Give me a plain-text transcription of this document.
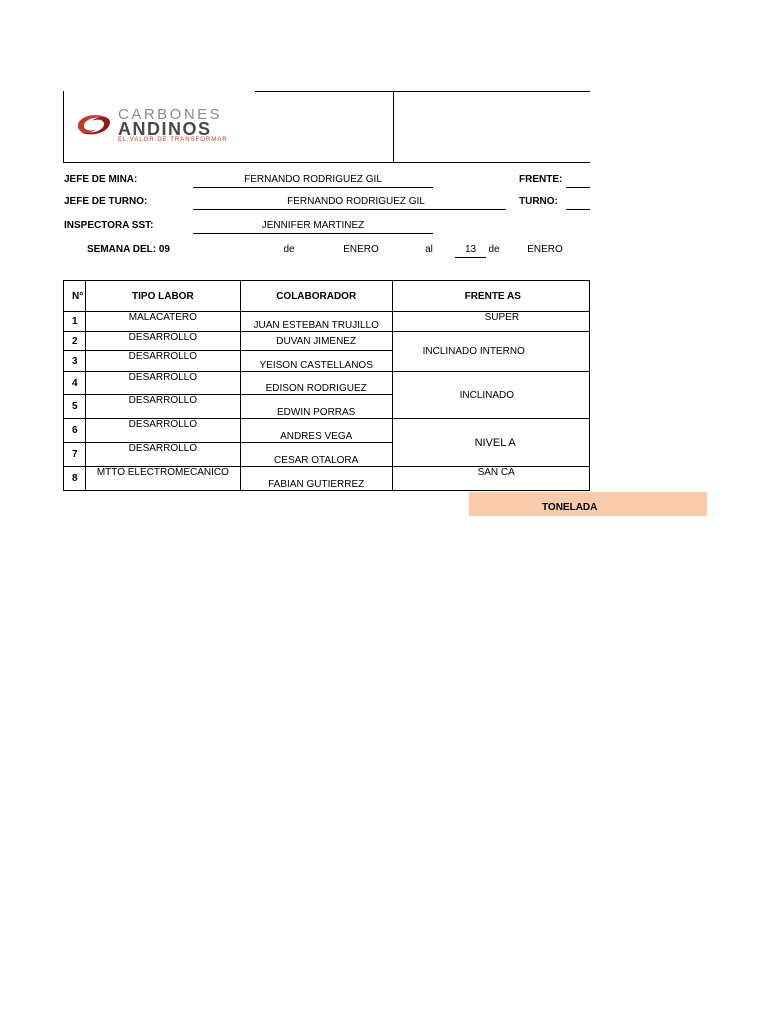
CARBONES
ANDINOS
EL VALOR DE TRANSFORMAR
JEFE DE MINA:	FERNANDO RODRIGUEZ GIL	FRENTE:
JEFE DE TURNO:	FERNANDO RODRIGUEZ GIL	TURNO:
INSPECTORA SST:	JENNIFER MARTINEZ
SEMANA DEL: 09	de	ENERO	al	13	de	ENERO
N°	TIPO LABOR	COLABORADOR	FRENTE AS
1	MALACATERO	JUAN ESTEBAN TRUJILLO	SUPER
2	DESARROLLO	DUVAN JIMENEZ	INCLINADO INTERNO
3	DESARROLLO	YEISON CASTELLANOS	
4	DESARROLLO	EDISON RODRIGUEZ	INCLINADO
5	DESARROLLO	EDWIN PORRAS	
6	DESARROLLO	ANDRES VEGA	NIVEL A
7	DESARROLLO	CESAR OTALORA	
8	MTTO ELECTROMECANICO	FABIAN GUTIERREZ	SAN CA
TONELADA
